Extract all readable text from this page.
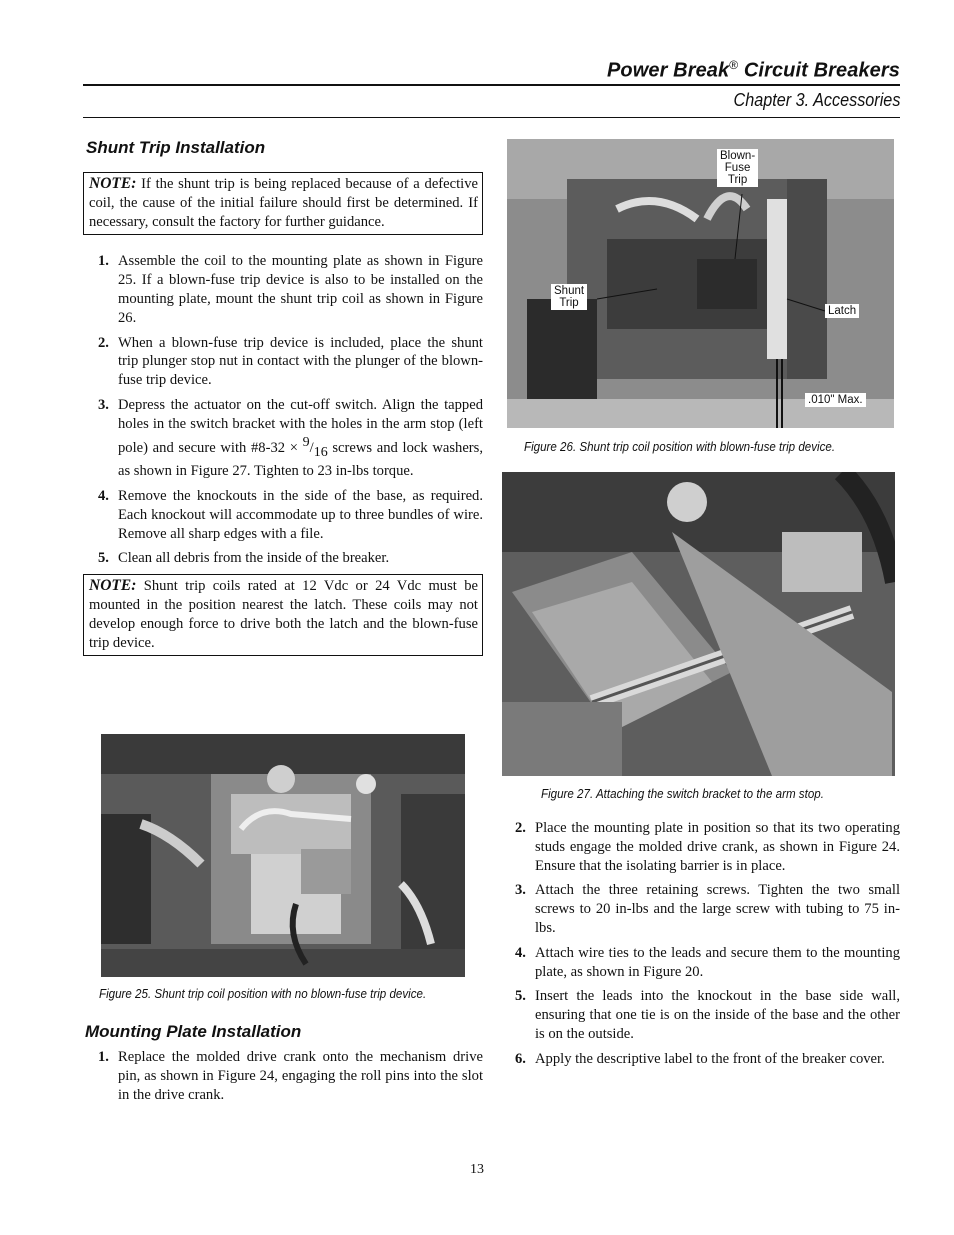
Power Break® Circuit Breakers
Chapter 3. Accessories
Shunt Trip Installation
NOTE: If the shunt trip is being replaced because of a defective coil, the cause of the initial failure should first be determined. If necessary, consult the factory for further guidance.
1. Assemble the coil to the mounting plate as shown in Figure 25. If a blown-fuse trip device is also to be installed on the mounting plate, mount the shunt trip coil as shown in Figure 26.
2. When a blown-fuse trip device is included, place the shunt trip plunger stop nut in contact with the plunger of the blown-fuse trip device.
3. Depress the actuator on the cut-off switch. Align the tapped holes in the switch bracket with the holes in the arm stop (left pole) and secure with #8-32 × $^9/_{16}$ screws and lock washers, as shown in Figure 27. Tighten to 23 in-lbs torque.
4. Remove the knockouts in the side of the base, as required. Each knockout will accommodate up to three bundles of wire. Remove all sharp edges with a file.
5. Clean all debris from the inside of the breaker.
NOTE: Shunt trip coils rated at 12 Vdc or 24 Vdc must be mounted in the position nearest the latch. These coils may not develop enough force to drive both the latch and the blown-fuse trip device.
Figure 25. Shunt trip coil position with no blown-fuse trip device.
Mounting Plate Installation
1. Replace the molded drive crank onto the mechanism drive pin, as shown in Figure 24, engaging the roll pins into the slot in the drive crank.
Blown-
Fuse
Trip
Shunt
Trip
Latch
.010" Max.
Figure 26. Shunt trip coil position with blown-fuse trip device.
Figure 27. Attaching the switch bracket to the arm stop.
2. Place the mounting plate in position so that its two operating studs engage the molded drive crank, as shown in Figure 24. Ensure that the isolating barrier is in place.
3. Attach the three retaining screws. Tighten the two small screws to 20 in-lbs and the large screw with tubing to 75 in-lbs.
4. Attach wire ties to the leads and secure them to the mounting plate, as shown in Figure 20.
5. Insert the leads into the knockout in the base side wall, ensuring that one tie is on the inside of the base and the other is on the outside.
6. Apply the descriptive label to the front of the breaker cover.
13
